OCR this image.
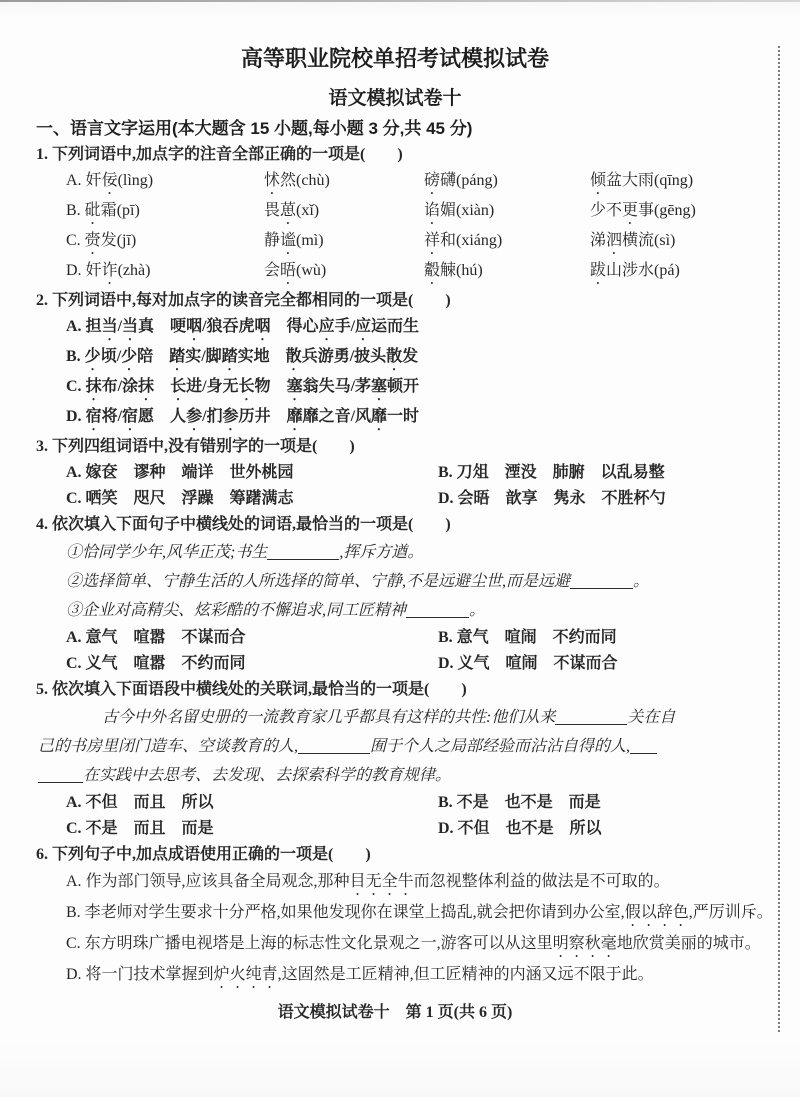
高等职业院校单招考试模拟试卷
语文模拟试卷十
一、语言文字运用(本大题含 15 小题,每小题 3 分,共 45 分)
1. 下列词语中,加点字的注音全部正确的一项是(　　)
A. 奸佞(lìng)	怵然(chù)	磅礴(páng)	倾盆大雨(qīng)
B. 砒霜(pī)	畏葸(xǐ)	谄媚(xiàn)	少不更事(gēng)
C. 赍发(jī)	静谧(mì)	祥和(xiáng)	涕泗横流(sì)
D. 奸诈(zhà)	会晤(wù)	觳觫(hú)	跋山涉水(pá)
2. 下列词语中,每对加点字的读音完全都相同的一项是(　　)
A. 担当/当真　哽咽/狼吞虎咽　得心应手/应运而生
B. 少顷/少陪　踏实/脚踏实地　散兵游勇/披头散发
C. 抹布/涂抹　 长进/身无长物　塞翁失马/茅塞顿开
D. 宿将/宿愿　人参/扪参历井　靡靡之音/风靡一时
3. 下列四组词语中,没有错别字的一项是(　　)
A. 嫁奁　谬种　端详　世外桃园	B. 刀俎　湮没　肺腑　以乱易整
C. 哂笑　咫尺　浮躁　筹躇满志	D. 会晤　歆享　隽永　不胜杯勺
4. 依次填入下面句子中横线处的词语,最恰当的一项是(　　)
①恰同学少年,风华正茂;书生	,挥斥方遒。
②选择简单、宁静生活的人所选择的简单、宁静,不是远避尘世,而是远避	。
③企业对高精尖、炫彩酷的不懈追求,同工匠精神	。
A. 意气　喧嚣　不谋而合	B. 意气　喧闹　不约而同
C. 义气　喧嚣　不约而同	D. 义气　喧闹　不谋而合
5. 依次填入下面语段中横线处的关联词,最恰当的一项是(　　)
古今中外名留史册的一流教育家几乎都具有这样的共性:他们从来	关在自
己的书房里闭门造车、空谈教育的人,	囿于个人之局部经验而沾沾自得的人,
在实践中去思考、去发现、去探索科学的教育规律。
A. 不但　而且　所以	B. 不是　也不是　而是
C. 不是　而且　而是	D. 不但　也不是　所以
6. 下列句子中,加点成语使用正确的一项是(　　)
A. 作为部门领导,应该具备全局观念,那种目无全牛而忽视整体利益的做法是不可取的。
B. 李老师对学生要求十分严格,如果他发现你在课堂上捣乱,就会把你请到办公室,假以辞色,严厉训斥。
C. 东方明珠广播电视塔是上海的标志性文化景观之一,游客可以从这里明察秋毫地欣赏美丽的城市。
D. 将一门技术掌握到炉火纯青,这固然是工匠精神,但工匠精神的内涵又远不限于此。
语文模拟试卷十　第 1 页(共 6 页)
